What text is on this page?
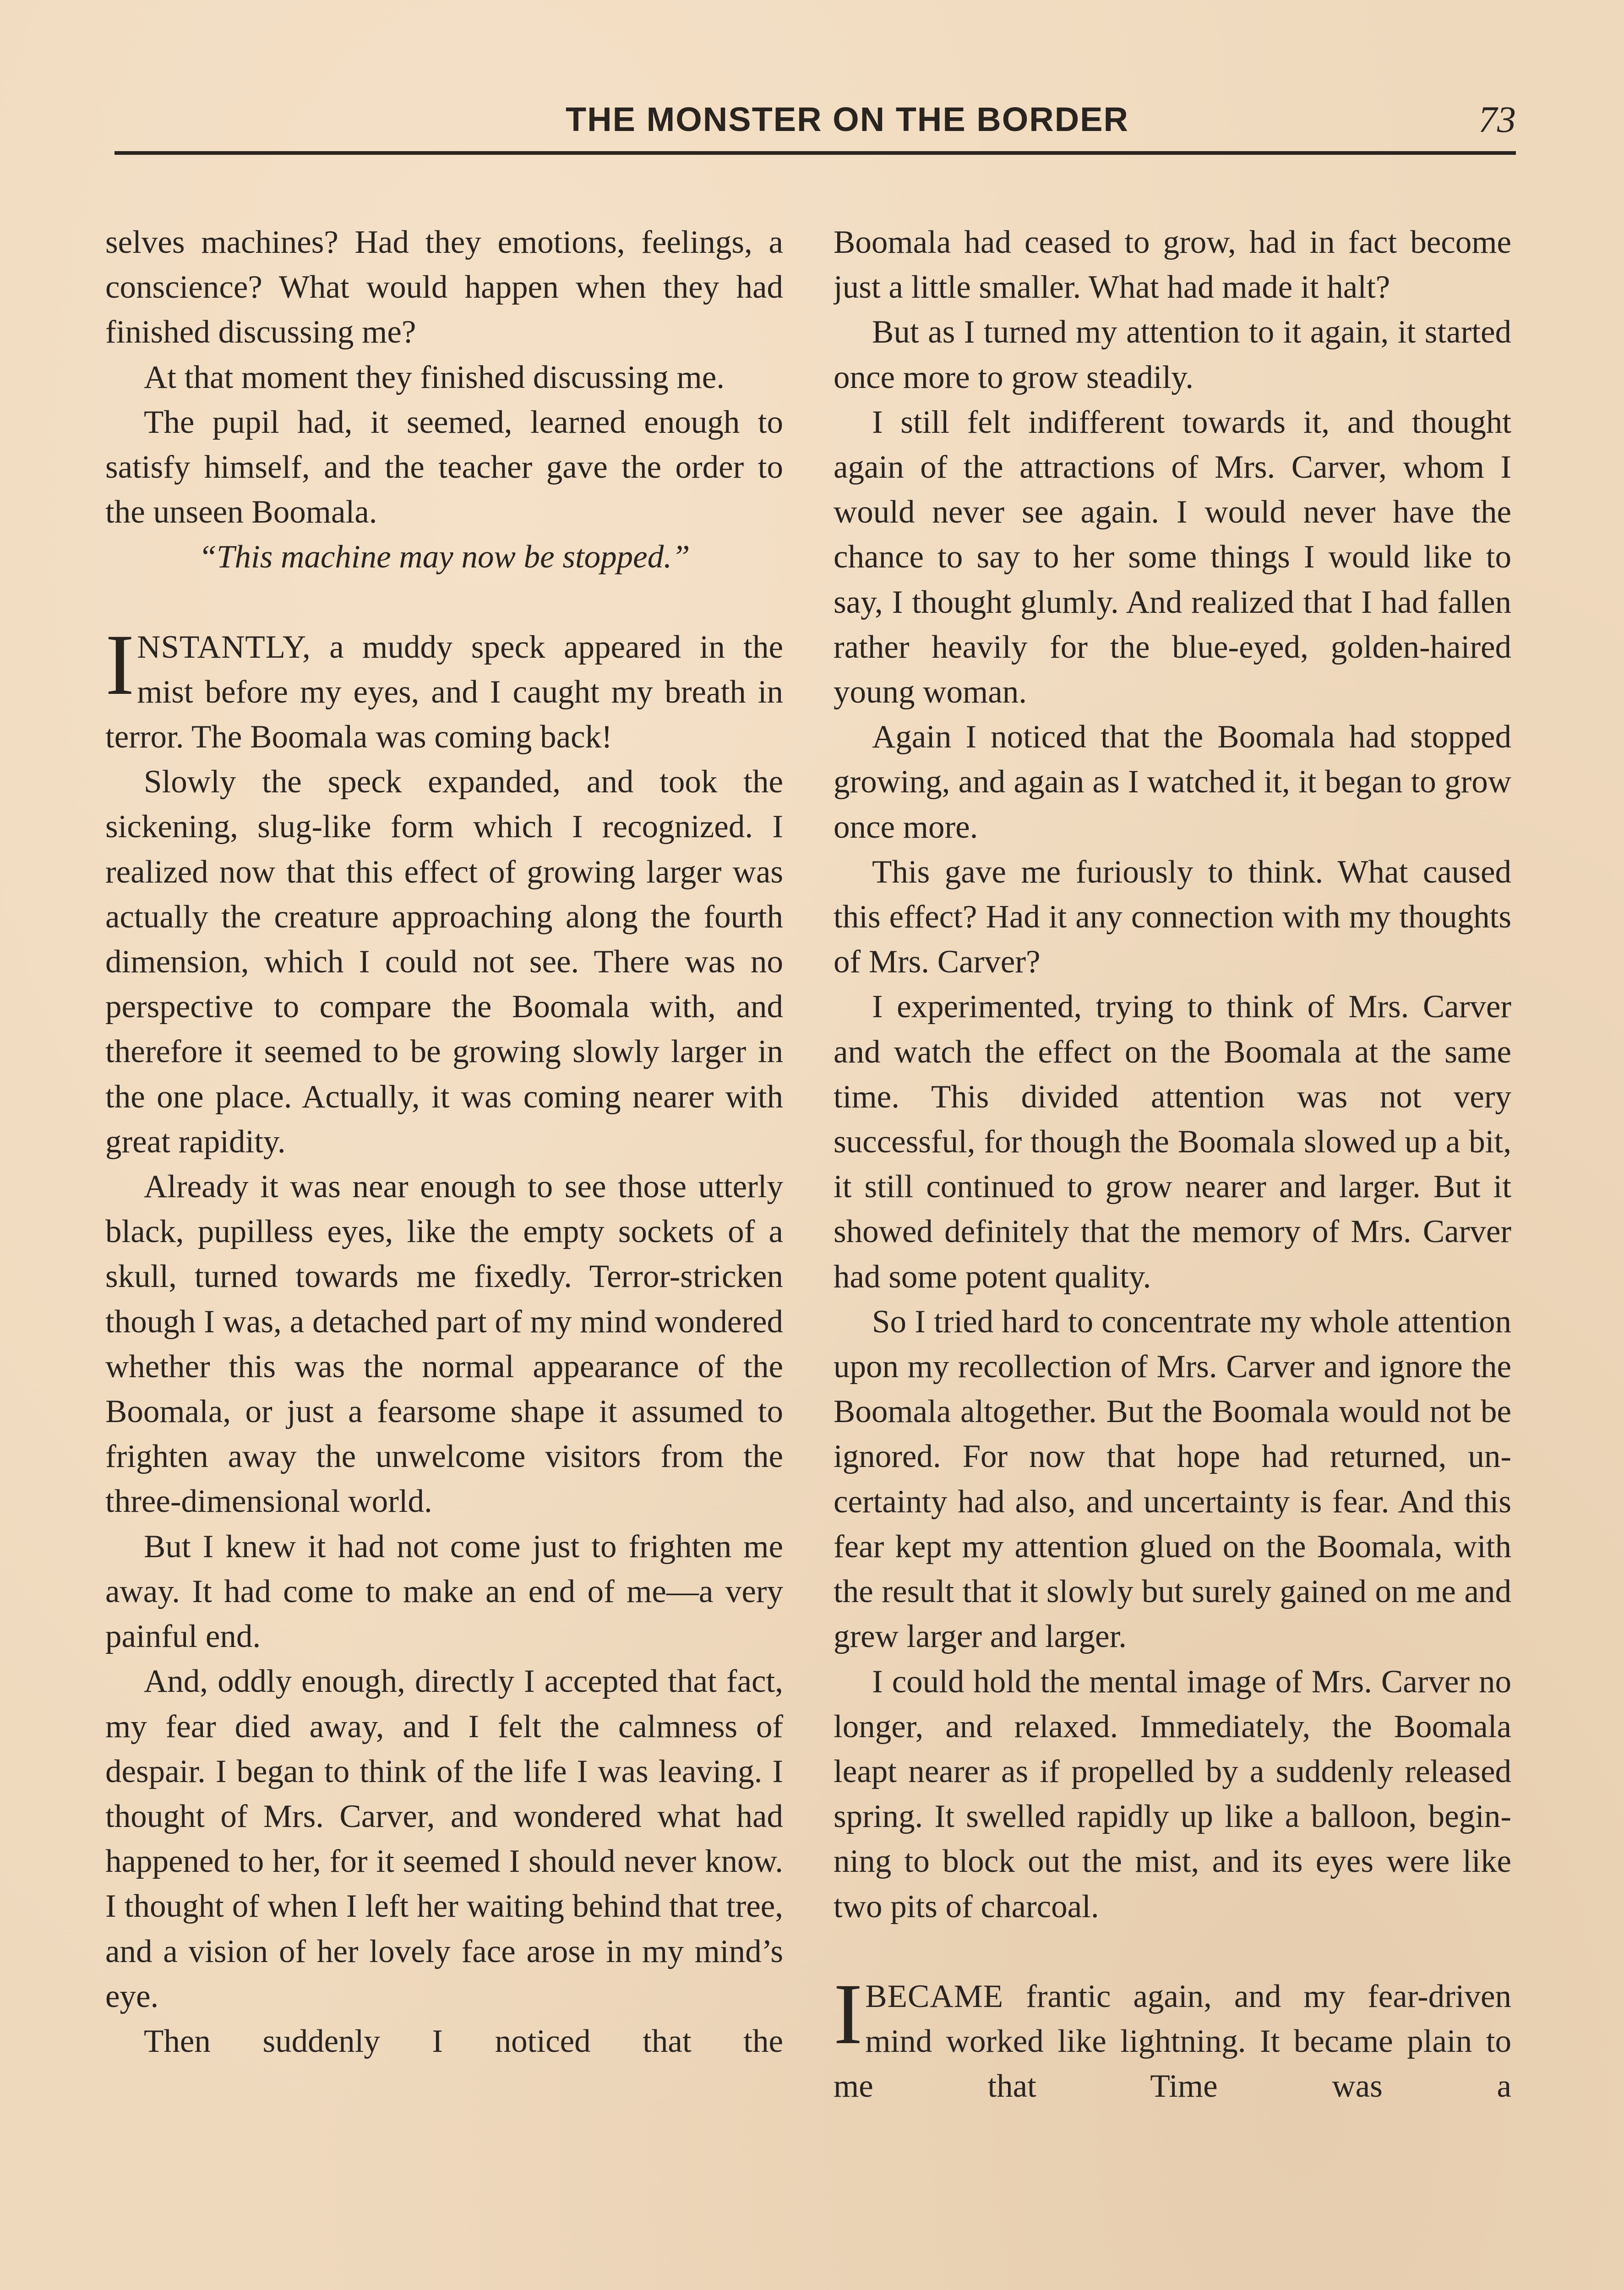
THE MONSTER ON THE BORDER	73

selves machines? Had they emotions, feelings, a conscience? What would happen when they had finished discussing me?

At that moment they finished discussing me.

The pupil had, it seemed, learned enough to satisfy himself, and the teacher gave the order to the unseen Boomala.

“This machine may now be stopped.”

INSTANTLY, a muddy speck appeared in the mist before my eyes, and I caught my breath in terror. The Boomala was coming back!

Slowly the speck expanded, and took the sickening, slug-like form which I recognized. I realized now that this effect of growing larger was actually the creature approaching along the fourth dimension, which I could not see. There was no perspective to compare the Boomala with, and therefore it seemed to be growing slowly larger in the one place. Actually, it was coming nearer with great rapidity.

Already it was near enough to see those utterly black, pupilless eyes, like the empty sockets of a skull, turned towards me fixedly. Terror-stricken though I was, a detached part of my mind wondered whether this was the normal appearance of the Boomala, or just a fearsome shape it assumed to frighten away the unwelcome visitors from the three-dimensional world.

But I knew it had not come just to frighten me away. It had come to make an end of me—a very painful end.

And, oddly enough, directly I accepted that fact, my fear died away, and I felt the calmness of despair. I began to think of the life I was leaving. I thought of Mrs. Carver, and wondered what had happened to her, for it seemed I should never know. I thought of when I left her waiting behind that tree, and a vision of her lovely face arose in my mind’s eye.

Then suddenly I noticed that the

Boomala had ceased to grow, had in fact become just a little smaller. What had made it halt?

But as I turned my attention to it again, it started once more to grow steadily.

I still felt indifferent towards it, and thought again of the attractions of Mrs. Carver, whom I would never see again. I would never have the chance to say to her some things I would like to say, I thought glumly. And realized that I had fallen rather heavily for the blue-eyed, golden-haired young woman.

Again I noticed that the Boomala had stopped growing, and again as I watched it, it began to grow once more.

This gave me furiously to think. What caused this effect? Had it any connection with my thoughts of Mrs. Carver?

I experimented, trying to think of Mrs. Carver and watch the effect on the Boomala at the same time. This divided attention was not very successful, for though the Boomala slowed up a bit, it still continued to grow nearer and larger. But it showed definitely that the memory of Mrs. Carver had some potent quality.

So I tried hard to concentrate my whole attention upon my recollection of Mrs. Carver and ignore the Boomala altogether. But the Boomala would not be ignored. For now that hope had returned, uncertainty had also, and uncertainty is fear. And this fear kept my attention glued on the Boomala, with the result that it slowly but surely gained on me and grew larger and larger.

I could hold the mental image of Mrs. Carver no longer, and relaxed. Immediately, the Boomala leapt nearer as if propelled by a suddenly released spring. It swelled rapidly up like a balloon, beginning to block out the mist, and its eyes were like two pits of charcoal.

IBECAME frantic again, and my fear-driven mind worked like lightning. It became plain to me that Time was a
